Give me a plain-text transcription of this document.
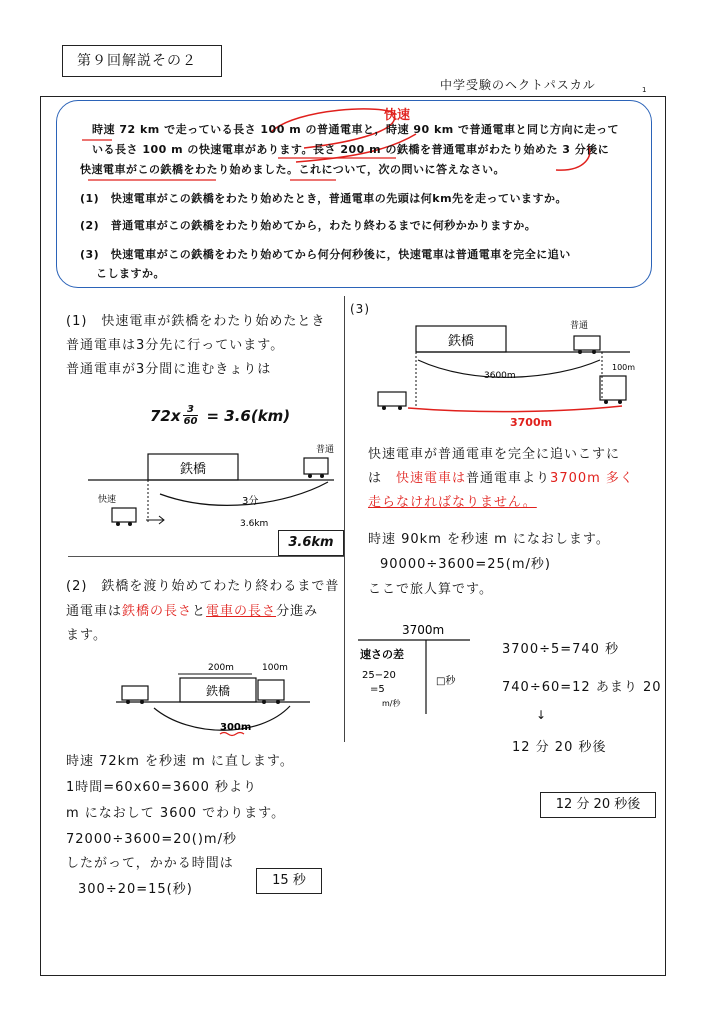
第９回解説その２
中学受験のヘクトパスカル	1
快速
時速 72 km で走っている長さ 100 m の普通電車と，時速 90 km で普通電車と同じ方向に走って
いる長さ 100 m の快速電車があります。長さ 200 m の鉄橋を普通電車がわたり始めた 3 分後に
快速電車がこの鉄橋をわたり始めました。これについて，次の問いに答えなさい。
(1)　快速電車がこの鉄橋をわたり始めたとき，普通電車の先頭は何km先を走っていますか。
(2)　普通電車がこの鉄橋をわたり始めてから，わたり終わるまでに何秒かかりますか。
(3)　快速電車がこの鉄橋をわたり始めてから何分何秒後に，快速電車は普通電車を完全に追い
こしますか。
(1)　快速電車が鉄橋をわたり始めたとき
普通電車は3分先に行っています。
普通電車が3分間に進むきょりは
$72x \frac{3}{60} = 3.6(km)$
鉄橋
普通
快速	3分
3.6km
3.6km
(2)　鉄橋を渡り始めてわたり終わるまで普
通電車は鉄橋の長さと電車の長さ分進み
ます。
200m	100m
鉄橋
300m
時速 72km を秒速 m に直します。
1時間=60x60=3600 秒より
m になおして 3600 でわります。
72000÷3600=20()m/秒
したがって，かかる時間は
300÷20=15(秒)
15 秒
(3)
鉄橋
普通
3600m
100m
3700m
快速電車が普通電車を完全に追いこすに
は　快速電車は普通電車より3700m 多く
走らなければなりません。
時速 90km を秒速 m になおします。
90000÷3600=25(m/秒)
ここで旅人算です。
3700m
速さの差
25−20
=5
m/秒
□秒
3700÷5=740 秒
740÷60=12 あまり 20
↓
12 分 20 秒後
12 分 20 秒後
